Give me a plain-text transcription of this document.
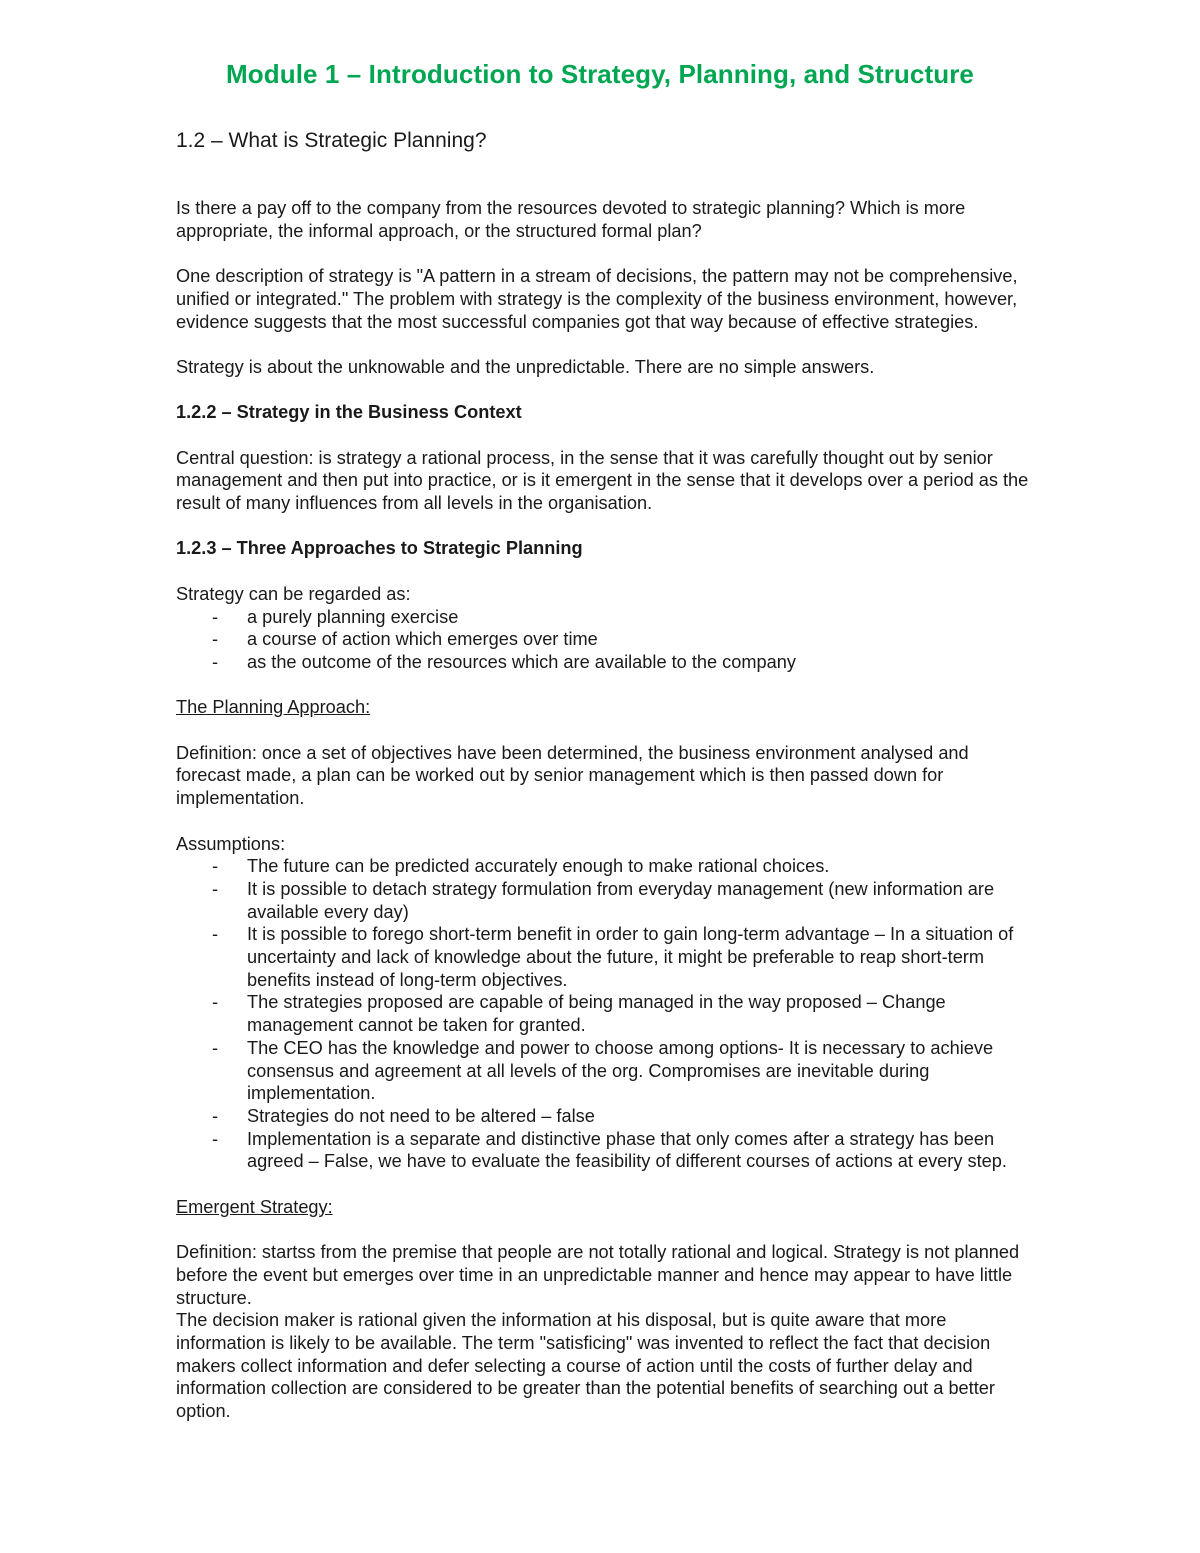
Module 1 – Introduction to Strategy, Planning, and Structure
1.2 – What is Strategic Planning?

Is there a pay off to the company from the resources devoted to strategic planning? Which is more appropriate, the informal approach, or the structured formal plan?

One description of strategy is "A pattern in a stream of decisions, the pattern may not be comprehensive, unified or integrated." The problem with strategy is the complexity of the business environment, however, evidence suggests that the most successful companies got that way because of effective strategies.

Strategy is about the unknowable and the unpredictable. There are no simple answers.

1.2.2 – Strategy in the Business Context

Central question: is strategy a rational process, in the sense that it was carefully thought out by senior management and then put into practice, or is it emergent in the sense that it develops over a period as the result of many influences from all levels in the organisation.

1.2.3 – Three Approaches to Strategic Planning

Strategy can be regarded as:

- a purely planning exercise
- a course of action which emerges over time
- as the outcome of the resources which are available to the company

The Planning Approach:

Definition: once a set of objectives have been determined, the business environment analysed and forecast made, a plan can be worked out by senior management which is then passed down for implementation.

Assumptions:

- The future can be predicted accurately enough to make rational choices.
- It is possible to detach strategy formulation from everyday management (new information are available every day)
- It is possible to forego short-term benefit in order to gain long-term advantage – In a situation of uncertainty and lack of knowledge about the future, it might be preferable to reap short-term benefits instead of long-term objectives.
- The strategies proposed are capable of being managed in the way proposed – Change management cannot be taken for granted.
- The CEO has the knowledge and power to choose among options- It is necessary to achieve consensus and agreement at all levels of the org. Compromises are inevitable during implementation.
- Strategies do not need to be altered – false
- Implementation is a separate and distinctive phase that only comes after a strategy has been agreed – False, we have to evaluate the feasibility of different courses of actions at every step.

Emergent Strategy:

Definition: startss from the premise that people are not totally rational and logical. Strategy is not planned before the event but emerges over time in an unpredictable manner and hence may appear to have little structure.

The decision maker is rational given the information at his disposal, but is quite aware that more information is likely to be available. The term "satisficing" was invented to reflect the fact that decision makers collect information and defer selecting a course of action until the costs of further delay and information collection are considered to be greater than the potential benefits of searching out a better option.
